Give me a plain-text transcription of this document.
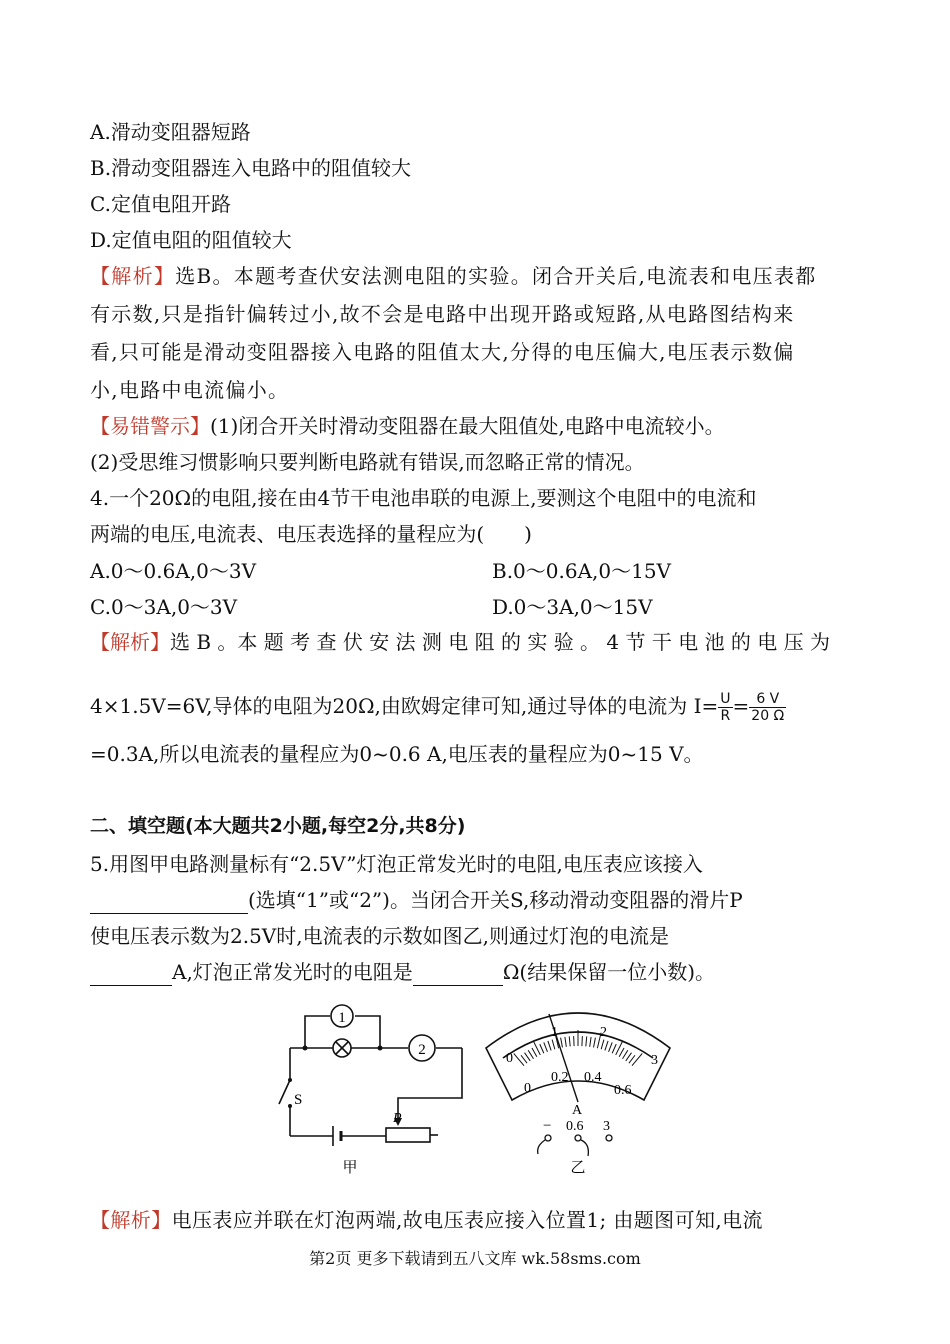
A.滑动变阻器短路
B.滑动变阻器连入电路中的阻值较大
C.定值电阻开路
D.定值电阻的阻值较大
【解析】选B。本题考查伏安法测电阻的实验。闭合开关后,电流表和电压表都
有示数,只是指针偏转过小,故不会是电路中出现开路或短路,从电路图结构来
看,只可能是滑动变阻器接入电路的阻值太大,分得的电压偏大,电压表示数偏
小,电路中电流偏小。
【易错警示】(1)闭合开关时滑动变阻器在最大阻值处,电路中电流较小。
(2)受思维习惯影响只要判断电路就有错误,而忽略正常的情况。
4.一个20Ω的电阻,接在由4节干电池串联的电源上,要测这个电阻中的电流和
两端的电压,电流表、电压表选择的量程应为(　　)
A.0～0.6A,0～3V	B.0～0.6A,0～15V
C.0～3A,0～3V	D.0～3A,0～15V
【解析】选 B 。本 题 考 查 伏 安 法 测 电 阻 的 实 验 。 4 节 干 电 池 的 电 压 为
4×1.5V=6V,导体的电阻为20Ω,由欧姆定律可知,通过导体的电流为 $I= \frac{U}{R} = \frac{6 V}{20 \Omega}$
=0.3A,所以电流表的量程应为0~0.6 A,电压表的量程应为0~15 V。
二、填空题(本大题共2小题,每空2分,共8分)
5.用图甲电路测量标有“2.5V”灯泡正常发光时的电阻,电压表应该接入
(选填“1”或“2”)。当闭合开关S,移动滑动变阻器的滑片P
使电压表示数为2.5V时,电流表的示数如图乙,则通过灯泡的电流是
A,灯泡正常发光时的电阻是	Ω(结果保留一位小数)。
1
2
S
P
甲
0
1	2
3
0
0.2 0.4
0.6
A
− 0.6 3
乙
【解析】电压表应并联在灯泡两端,故电压表应接入位置1; 由题图可知,电流
第2页 更多下载请到五八文库 wk.58sms.com
